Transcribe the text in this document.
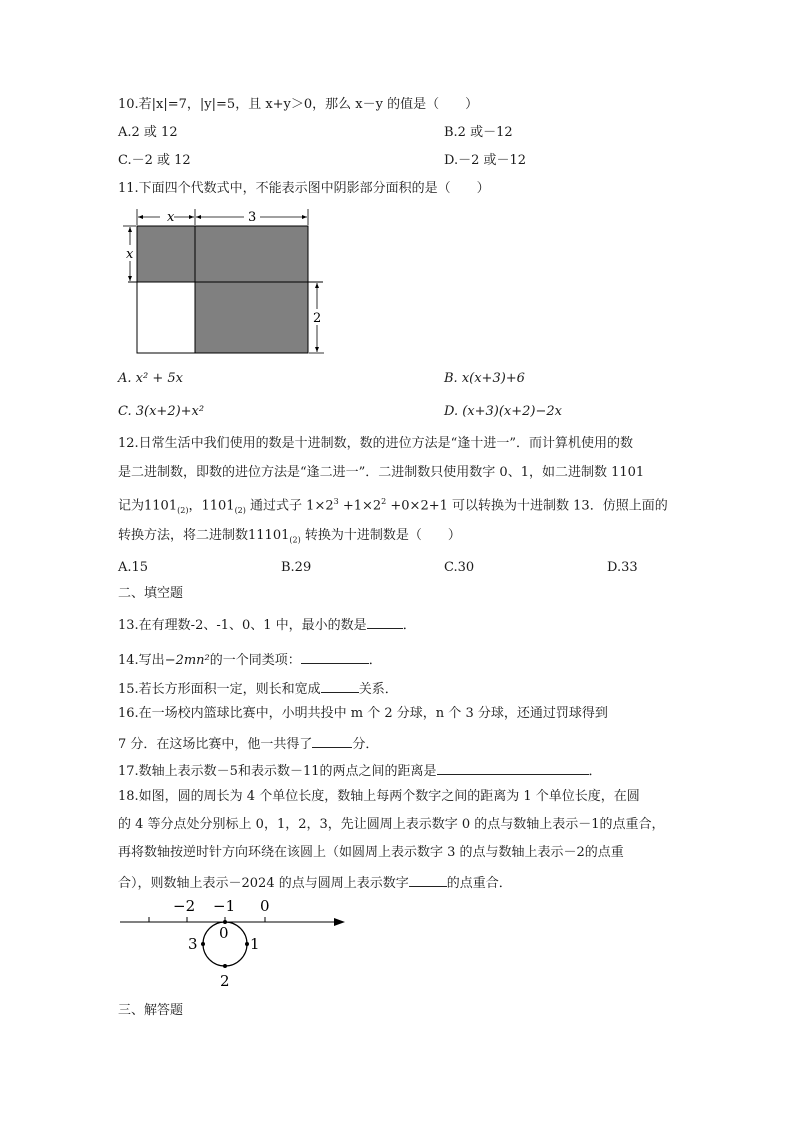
10.若|x|=7，|y|=5，且 x+y＞0，那么 x－y 的值是（　　）
A.2 或 12	B.2 或－12
C.－2 或 12	D.－2 或－12
11.下面四个代数式中，不能表示图中阴影部分面积的是（　　）
x	3
x
2
A. x² + 5x	B. x(x+3)+6
C. 3(x+2)+x²	D. (x+3)(x+2)−2x
12.日常生活中我们使用的数是十进制数，数的进位方法是“逢十进一”．而计算机使用的数
是二进制数，即数的进位方法是“逢二进一”．二进制数只使用数字 0、1，如二进制数 1101
记为$1101_{(2)}$，$1101_{(2)}$ 通过式子 $1\times 2^3 +1\times 2^2 +0\times 2+1$ 可以转换为十进制数 13．仿照上面的
转换方法，将二进制数$11101_{(2)}$ 转换为十进制数是（　　）
A.15	B.29	C.30	D.33
二、填空题
13.在有理数-2、-1、0、1 中，最小的数是	．
14.写出−2mn²的一个同类项：	．
15.若长方形面积一定，则长和宽成	关系．
16.在一场校内篮球比赛中，小明共投中 m 个 2 分球，n 个 3 分球，还通过罚球得到
7 分．在这场比赛中，他一共得了	分．
17.数轴上表示数－5和表示数－11的两点之间的距离是	．
18.如图，圆的周长为 4 个单位长度，数轴上每两个数字之间的距离为 1 个单位长度，在圆
的 4 等分点处分别标上 0，1，2，3，先让圆周上表示数字 0 的点与数轴上表示－1的点重合，
再将数轴按逆时针方向环绕在该圆上（如圆周上表示数字 3 的点与数轴上表示－2的点重
合），则数轴上表示－2024 的点与圆周上表示数字	的点重合．
−2 −1 0
0
1
2
3
三、解答题
